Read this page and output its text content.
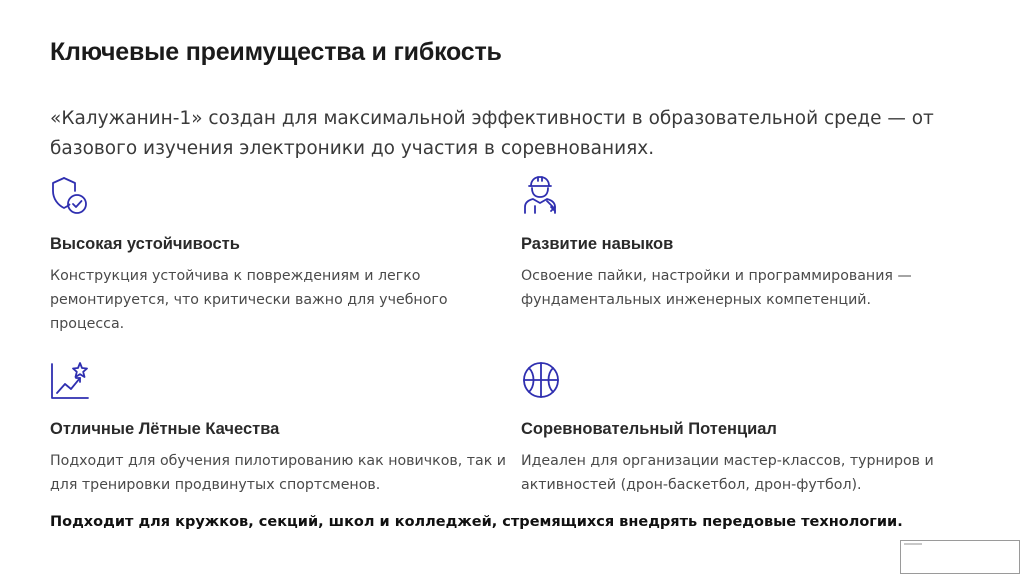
Ключевые преимущества и гибкость
«Калужанин-1» создан для максимальной эффективности в образовательной среде — от базового изучения электроники до участия в соревнованиях.
Высокая устойчивость

Конструкция устойчива к повреждениям и легко ремонтируется, что критически важно для учебного процесса.

Развитие навыков

Освоение пайки, настройки и программирования — фундаментальных инженерных компетенций.

Отличные Лётные Качества

Подходит для обучения пилотированию как новичков, так и для тренировки продвинутых спортсменов.

Соревновательный Потенциал

Идеален для организации мастер-классов, турниров и активностей (дрон-баскетбол, дрон-футбол).

Подходит для кружков, секций, школ и колледжей, стремящихся внедрять передовые технологии.
